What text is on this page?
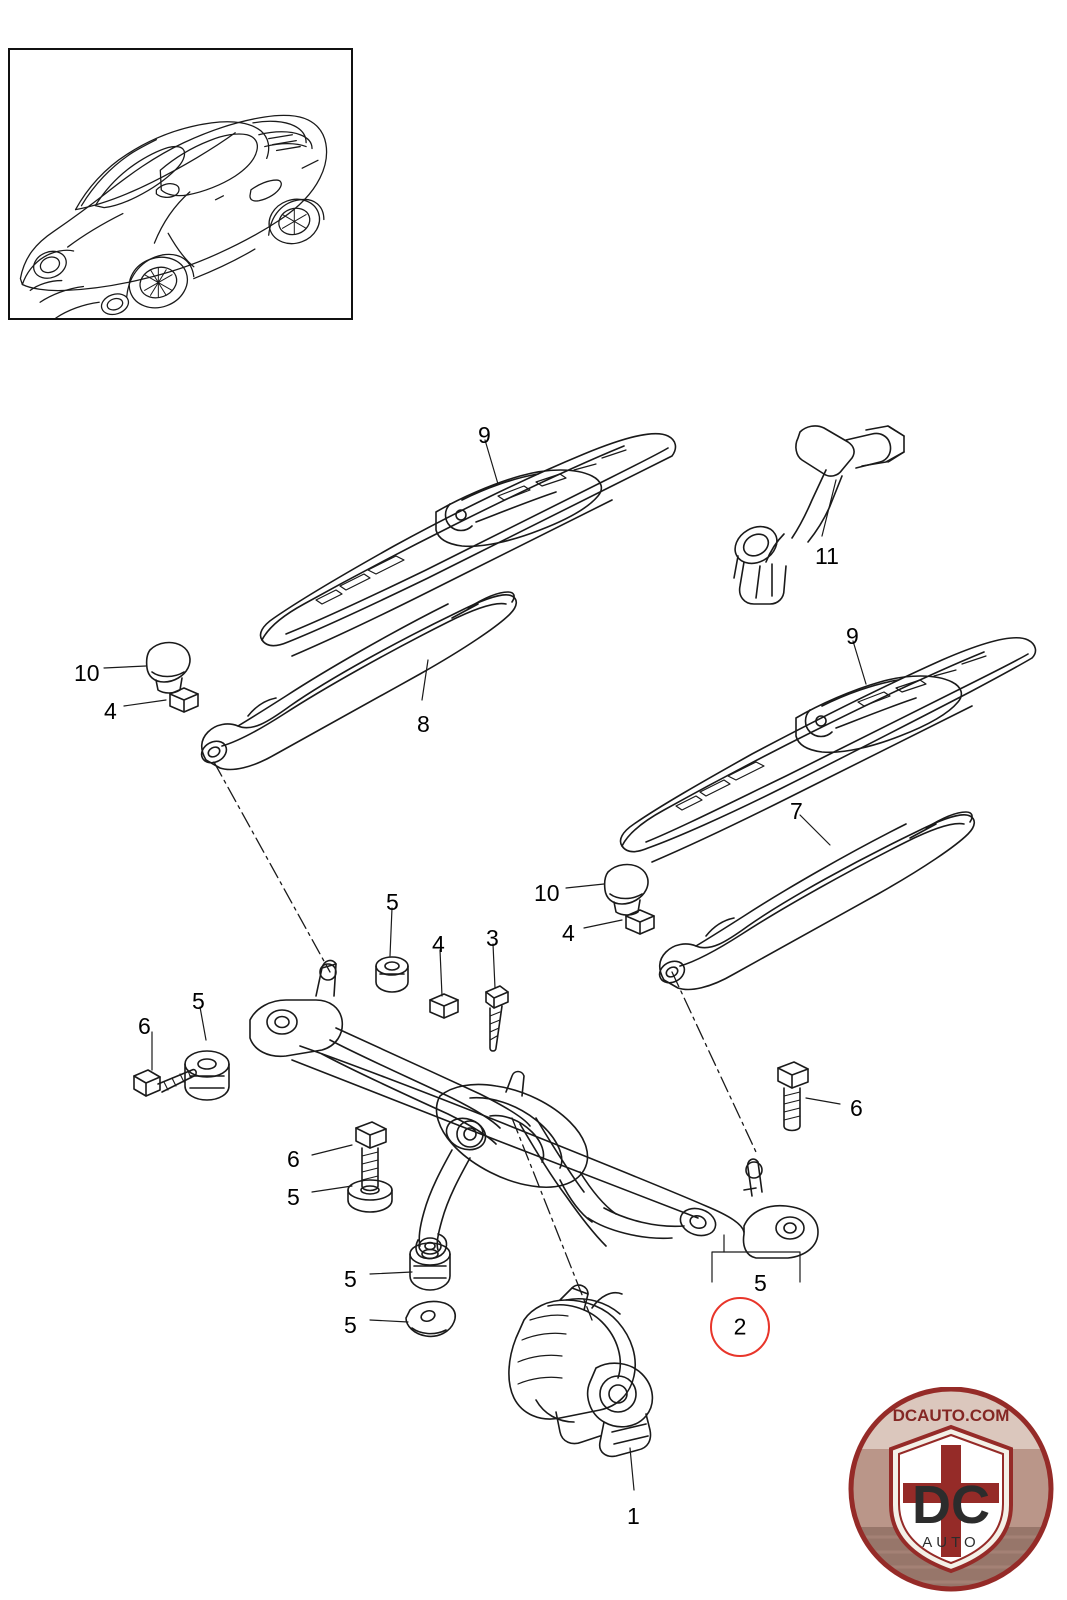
9
11
10
4	8
9
7
10
4
5
4 3
5
6
6
5
6
5
5
5
1
2
DCAUTO.COM
DC
AUTO
